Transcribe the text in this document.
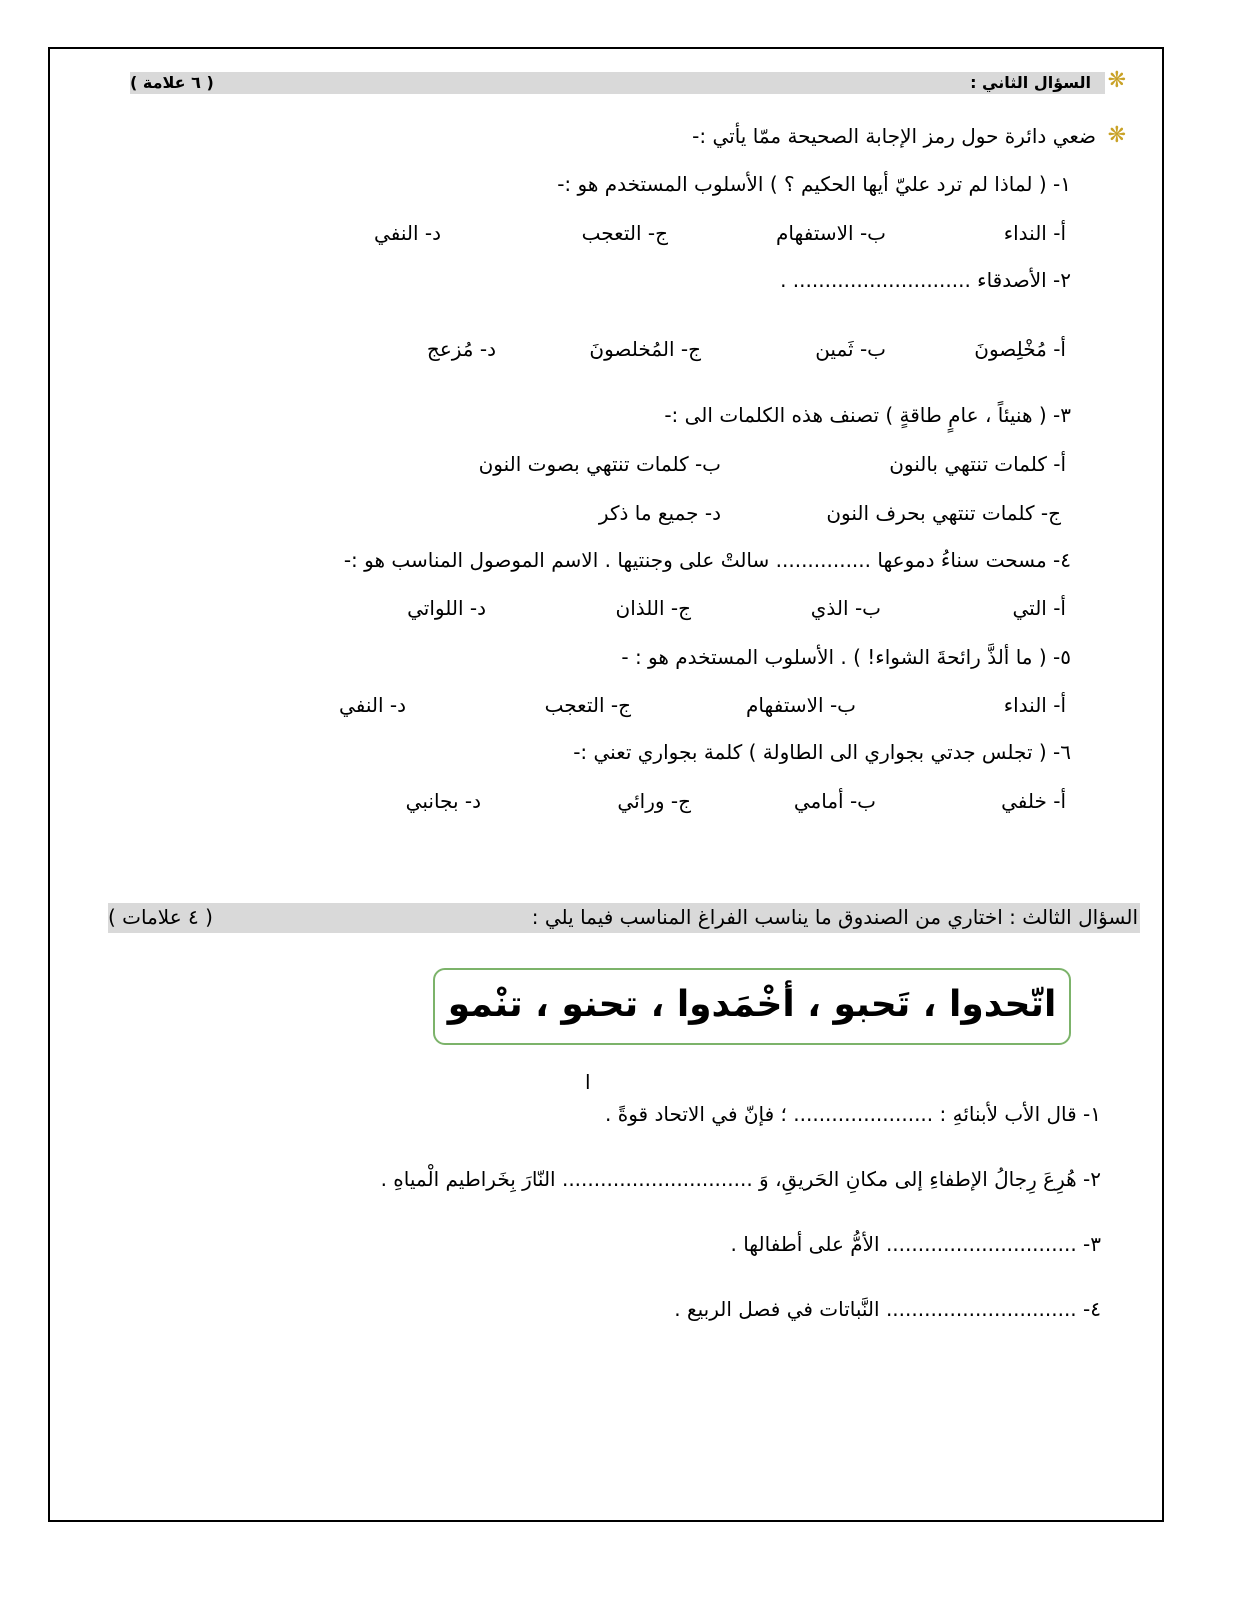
❋
السؤال الثاني :
( ٦ علامة )
❋
ضعي دائرة حول رمز الإجابة الصحيحة ممّا يأتي :-
١- ( لماذا لم ترد عليّ أيها الحكيم ؟ ) الأسلوب المستخدم هو :-
أ- النداء
ب- الاستفهام
ج- التعجب
د- النفي
٢- الأصدقاء ............................ .
أ- مُخْلِصونَ
ب- ثَمين
ج- المُخلصونَ
د- مُزعج
٣- ( هنيئاً ، عامٍ طاقةٍ ) تصنف هذه الكلمات الى :-
أ- كلمات تنتهي بالنون
ب- كلمات تنتهي بصوت النون
ج- كلمات تنتهي بحرف النون
د- جميع ما ذكر
٤- مسحت سناءُ دموعها ............... سالتْ على وجنتيها . الاسم الموصول المناسب هو :-
أ- التي
ب- الذي
ج- اللذان
د- اللواتي
٥- ( ما ألذَّ رائحةَ الشواء! ) . الأسلوب المستخدم هو : -
أ- النداء
ب- الاستفهام
ج- التعجب
د- النفي
٦- ( تجلس جدتي بجواري الى الطاولة ) كلمة بجواري تعني :-
أ- خلفي
ب- أمامي
ج- ورائي
د- بجانبي
السؤال الثالث : اختاري من الصندوق ما يناسب الفراغ المناسب فيما يلي :
( ٤ علامات )
اتّحدوا ، تَحبو ، أخْمَدوا ، تحنو ، تنْمو
ا
١- قال الأب لأبنائهِ : ...................... ؛ فإنّ في الاتحاد قوةً .
٢- هُرِعَ رِجالُ الإطفاءِ إلى مكانِ الحَريقِ، وَ .............................. النّارَ بِخَراطيم الْمياهِ .
٣- .............................. الأمُّ على أطفالها .
٤- .............................. النَّباتات في فصل الربيع .
